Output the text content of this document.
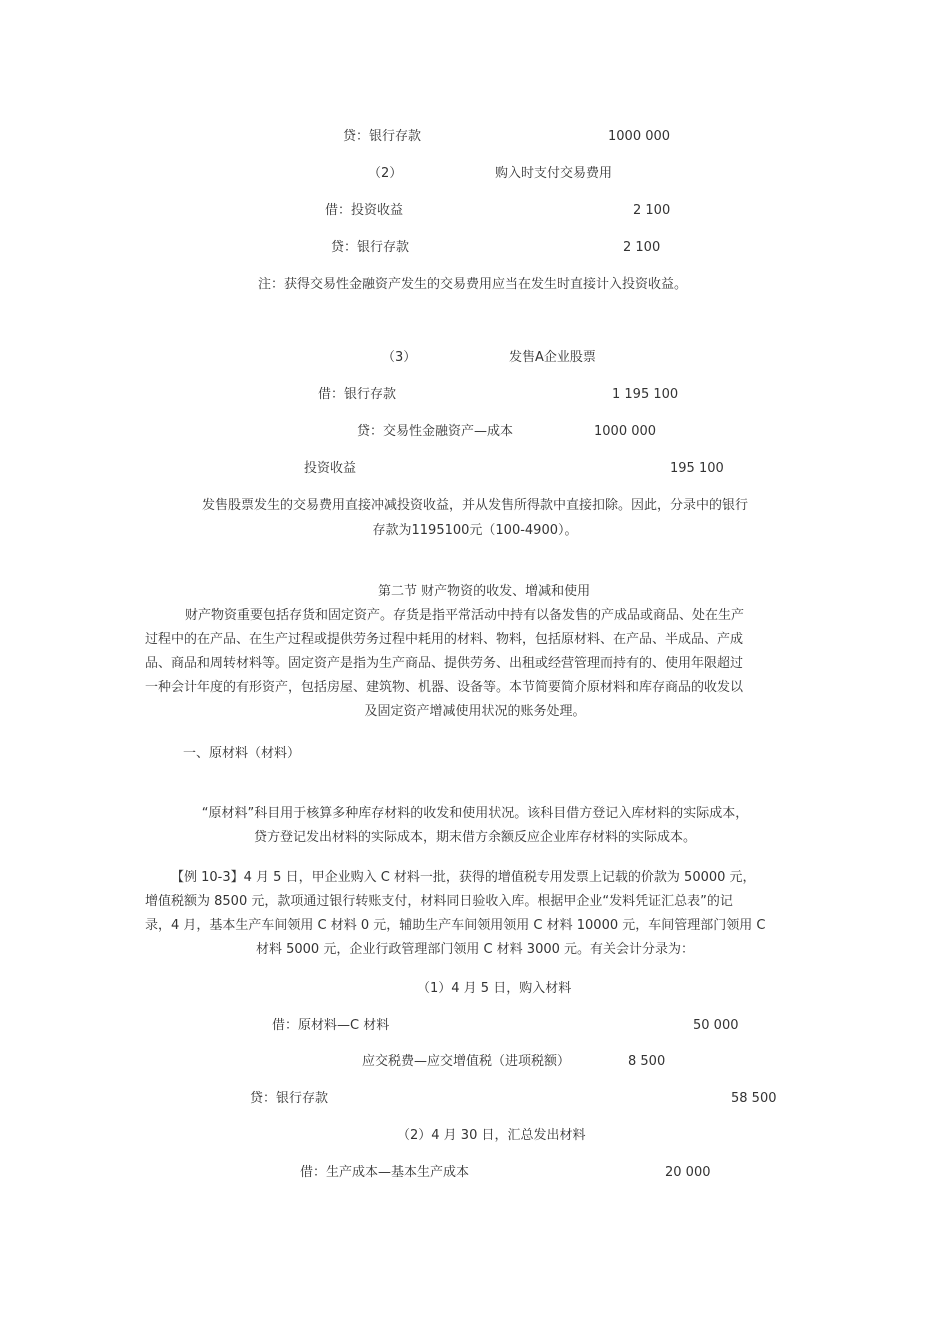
贷：银行存款	1000 000

（2）	购入时支付交易费用

借：投资收益	2 100

贷：银行存款	2 100

注：获得交易性金融资产发生的交易费用应当在发生时直接计入投资收益。

（3）	发售A企业股票

借：银行存款	1 195 100

贷：交易性金融资产—成本	1000 000

投资收益	195 100

发售股票发生的交易费用直接冲减投资收益，并从发售所得款中直接扣除。因此，分录中的银行

存款为1195100元（100-4900）。

第二节 财产物资的收发、增减和使用

财产物资重要包括存货和固定资产。存货是指平常活动中持有以备发售的产成品或商品、处在生产

过程中的在产品、在生产过程或提供劳务过程中耗用的材料、物料，包括原材料、在产品、半成品、产成

品、商品和周转材料等。固定资产是指为生产商品、提供劳务、出租或经营管理而持有的、使用年限超过

一种会计年度的有形资产，包括房屋、建筑物、机器、设备等。本节简要简介原材料和库存商品的收发以

及固定资产增减使用状况的账务处理。

一、原材料（材料）

“原材料”科目用于核算多种库存材料的收发和使用状况。该科目借方登记入库材料的实际成本，

贷方登记发出材料的实际成本，期末借方余额反应企业库存材料的实际成本。

【例 10-3】4 月 5 日，甲企业购入 C 材料一批，获得的增值税专用发票上记载的价款为 50000 元，

增值税额为 8500 元，款项通过银行转账支付，材料同日验收入库。根据甲企业“发料凭证汇总表”的记

录，4 月，基本生产车间领用 C 材料 0 元，辅助生产车间领用领用 C 材料 10000 元，车间管理部门领用 C

材料 5000 元，企业行政管理部门领用 C 材料 3000 元。有关会计分录为：

（1）4 月 5 日，购入材料

借：原材料—C 材料	50 000

应交税费—应交增值税（进项税额）	8 500

贷：银行存款	58 500

（2）4 月 30 日，汇总发出材料

借：生产成本—基本生产成本	20 000
